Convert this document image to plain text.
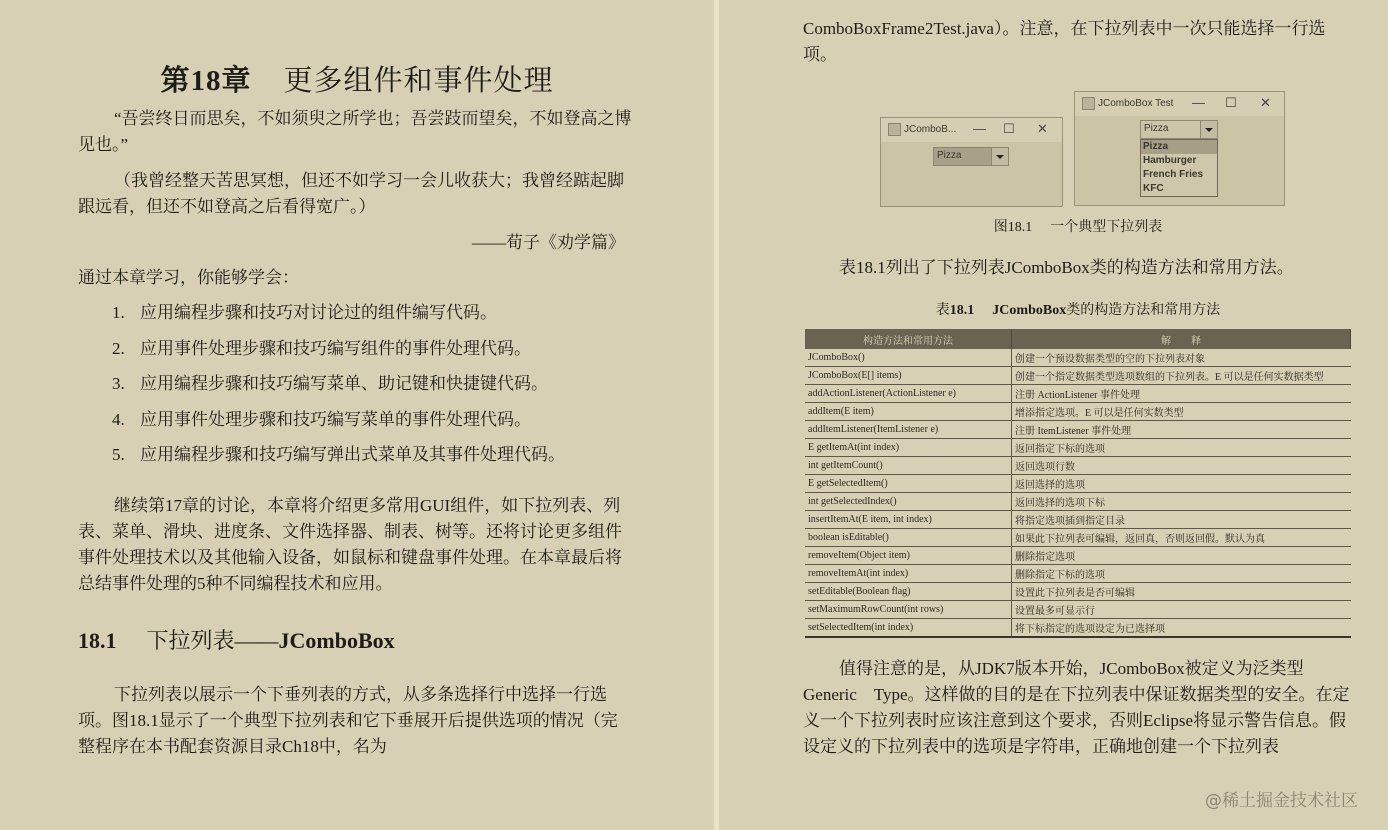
第18章 更多组件和事件处理
“吾尝终日而思矣，不如须臾之所学也；吾尝跂而望矣，不如登高之博见也。”
（我曾经整天苦思冥想，但还不如学习一会儿收获大；我曾经踮起脚跟远看，但还不如登高之后看得宽广。）
——荀子《劝学篇》
通过本章学习，你能够学会：
1. 应用编程步骤和技巧对讨论过的组件编写代码。
2. 应用事件处理步骤和技巧编写组件的事件处理代码。
3. 应用编程步骤和技巧编写菜单、助记键和快捷键代码。
4. 应用事件处理步骤和技巧编写菜单的事件处理代码。
5. 应用编程步骤和技巧编写弹出式菜单及其事件处理代码。
继续第17章的讨论，本章将介绍更多常用GUI组件，如下拉列表、列表、菜单、滑块、进度条、文件选择器、制表、树等。还将讨论更多组件事件处理技术以及其他输入设备，如鼠标和键盘事件处理。在本章最后将总结事件处理的5种不同编程技术和应用。
18.1 下拉列表——JComboBox
下拉列表以展示一个下垂列表的方式，从多条选择行中选择一行选项。图18.1显示了一个典型下拉列表和它下垂展开后提供选项的情况（完整程序在本书配套资源目录Ch18中，名为
ComboBoxFrame2Test.java）。注意，在下拉列表中一次只能选择一行选项。
JComboB... — ☐ ✕
Pizza
JComboBox Test — ☐ ✕
Pizza
Pizza
Hamburger
French Fries
KFC
图18.1 一个典型下拉列表
表18.1列出了下拉列表JComboBox类的构造方法和常用方法。
表18.1 JComboBox类的构造方法和常用方法
构造方法和常用方法	解　　释
JComboBox()	创建一个预设数据类型的空的下拉列表对象
JComboBox(E[] items)	创建一个指定数据类型选项数组的下拉列表。E 可以是任何实数据类型
addActionListener(ActionListener e)	注册 ActionListener 事件处理
addItem(E item)	增添指定选项。E 可以是任何实数类型
addItemListener(ItemListener e)	注册 ItemListener 事件处理
E getItemAt(int index)	返回指定下标的选项
int getItemCount()	返回选项行数
E getSelectedItem()	返回选择的选项
int getSelectedIndex()	返回选择的选项下标
insertItemAt(E item, int index)	将指定选项插到指定目录
boolean isEditable()	如果此下拉列表可编辑，返回真，否则返回假。默认为真
removeItem(Object item)	删除指定选项
removeItemAt(int index)	删除指定下标的选项
setEditable(Boolean flag)	设置此下拉列表是否可编辑
setMaximumRowCount(int rows)	设置最多可显示行
setSelectedItem(int index)	将下标指定的选项设定为已选择项
值得注意的是，从JDK7版本开始，JComboBox被定义为泛类型Generic　Type。这样做的目的是在下拉列表中保证数据类型的安全。在定义一个下拉列表时应该注意到这个要求，否则Eclipse将显示警告信息。假设定义的下拉列表中的选项是字符串，正确地创建一个下拉列表
@稀土掘金技术社区
